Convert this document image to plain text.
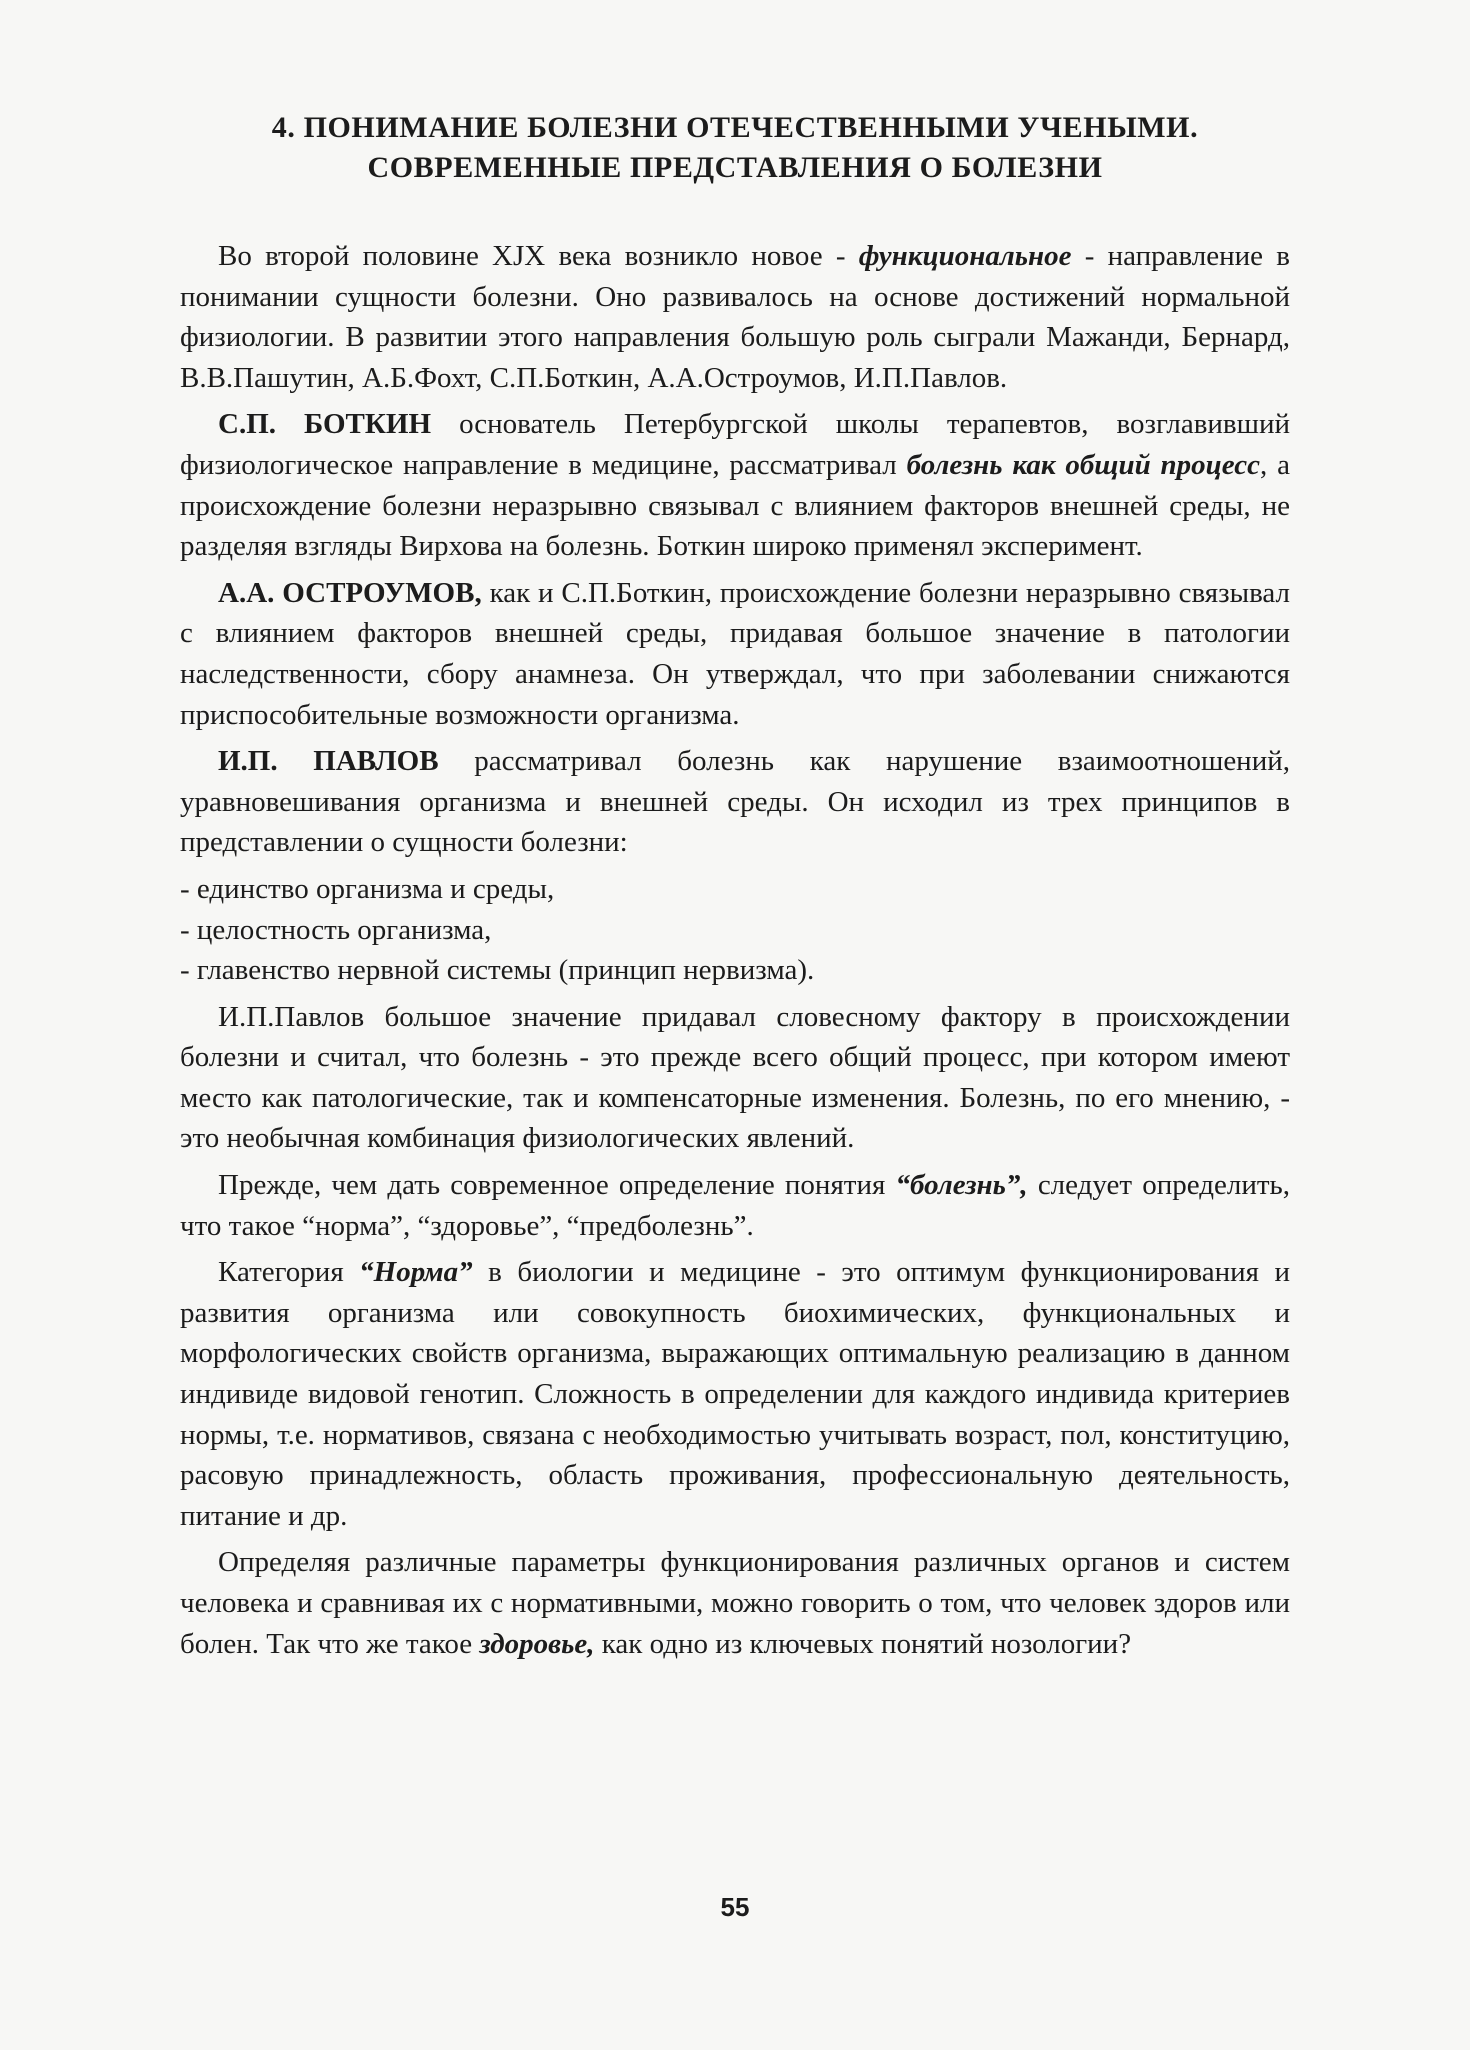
4. ПОНИМАНИЕ БОЛЕЗНИ ОТЕЧЕСТВЕННЫМИ УЧЕНЫМИ.
СОВРЕМЕННЫЕ ПРЕДСТАВЛЕНИЯ О БОЛЕЗНИ

Во второй половине XJX века возникло новое - функциональное - направление в понимании сущности болезни. Оно развивалось на основе достижений нормальной физиологии. В развитии этого направления большую роль сыграли Мажанди, Бернард, В.В.Пашутин, А.Б.Фохт, С.П.Боткин, А.А.Остроумов, И.П.Павлов.

С.П. БОТКИН основатель Петербургской школы терапевтов, возглавивший физиологическое направление в медицине, рассматривал болезнь как общий процесс, а происхождение болезни неразрывно связывал с влиянием факторов внешней среды, не разделяя взгляды Вирхова на болезнь. Боткин широко применял эксперимент.

А.А. ОСТРОУМОВ, как и С.П.Боткин, происхождение болезни неразрывно связывал с влиянием факторов внешней среды, придавая большое значение в патологии наследственности, сбору анамнеза. Он утверждал, что при заболевании снижаются приспособительные возможности организма.

И.П. ПАВЛОВ рассматривал болезнь как нарушение взаимоотношений, уравновешивания организма и внешней среды. Он исходил из трех принципов в представлении о сущности болезни:

- единство организма и среды,
- целостность организма,
- главенство нервной системы (принцип нервизма).

И.П.Павлов большое значение придавал словесному фактору в происхождении болезни и считал, что болезнь - это прежде всего общий процесс, при котором имеют место как патологические, так и компенсаторные изменения. Болезнь, по его мнению, - это необычная комбинация физиологических явлений.

Прежде, чем дать современное определение понятия “болезнь”, следует определить, что такое “норма”, “здоровье”, “предболезнь”.

Категория “Норма” в биологии и медицине - это оптимум функционирования и развития организма или совокупность биохимических, функциональных и морфологических свойств организма, выражающих оптимальную реализацию в данном индивиде видовой генотип. Сложность в определении для каждого индивида критериев нормы, т.е. нормативов, связана с необходимостью учитывать возраст, пол, конституцию, расовую принадлежность, область проживания, профессиональную деятельность, питание и др.

Определяя различные параметры функционирования различных органов и систем человека и сравнивая их с нормативными, можно говорить о том, что человек здоров или болен. Так что же такое здоровье, как одно из ключевых понятий нозологии?

55
